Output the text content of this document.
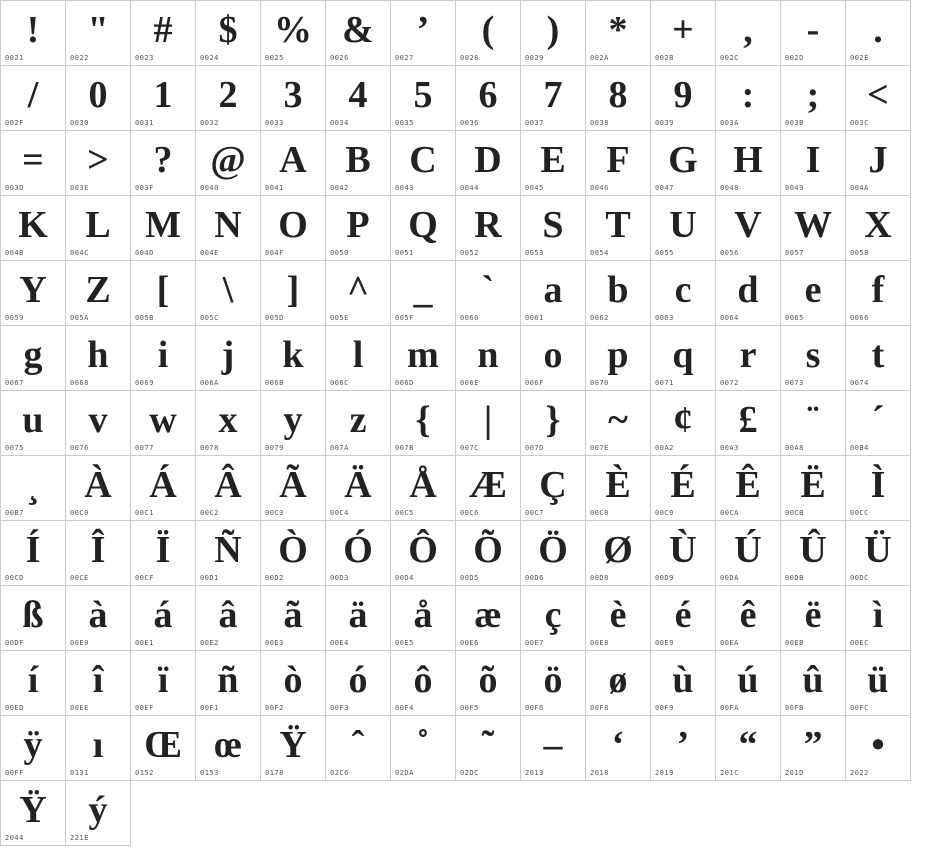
!
0021
"
0022
#
0023
$
0024
%
0025
&
0026
’
0027
(
0028
)
0029
*
002A
+
002B
,
002C
-
002D
.
002E
/
002F
0
0030
1
0031
2
0032
3
0033
4
0034
5
0035
6
0036
7
0037
8
0038
9
0039
:
003A
;
003B
<
003C
=
003D
>
003E
?
003F
@
0040
A
0041
B
0042
C
0043
D
0044
E
0045
F
0046
G
0047
H
0048
I
0049
J
004A
K
004B
L
004C
M
004D
N
004E
O
004F
P
0050
Q
0051
R
0052
S
0053
T
0054
U
0055
V
0056
W
0057
X
0058
Y
0059
Z
005A
[
005B
\
005C
]
005D
^
005E
_
005F
`
0060
a
0061
b
0062
c
0063
d
0064
e
0065
f
0066
g
0067
h
0068
i
0069
j
006A
k
006B
l
006C
m
006D
n
006E
o
006F
p
0070
q
0071
r
0072
s
0073
t
0074
u
0075
v
0076
w
0077
x
0078
y
0079
z
007A
{
007B
|
007C
}
007D
~
007E
¢
00A2
£
00A3
¨
00A8
´
00B4
¸
00B7
À
00C0
Á
00C1
Â
00C2
Ã
00C3
Ä
00C4
Å
00C5
Æ
00C6
Ç
00C7
È
00C8
É
00C9
Ê
00CA
Ë
00CB
Ì
00CC
Í
00CD
Î
00CE
Ï
00CF
Ñ
00D1
Ò
00D2
Ó
00D3
Ô
00D4
Õ
00D5
Ö
00D6
Ø
00D8
Ù
00D9
Ú
00DA
Û
00DB
Ü
00DC
ß
00DF
à
00E0
á
00E1
â
00E2
ã
00E3
ä
00E4
å
00E5
æ
00E6
ç
00E7
è
00E8
é
00E9
ê
00EA
ë
00EB
ì
00EC
í
00ED
î
00EE
ï
00EF
ñ
00F1
ò
00F2
ó
00F3
ô
00F4
õ
00F5
ö
00F6
ø
00F8
ù
00F9
ú
00FA
û
00FB
ü
00FC
ÿ
00FF
ı
0131
Œ
0152
œ
0153
Ÿ
0178
ˆ
02C6
˚
02DA
˜
02DC
–
2013
‘
2018
’
2019
“
201C
”
201D
•
2022
Ÿ
2044
ý
221E
